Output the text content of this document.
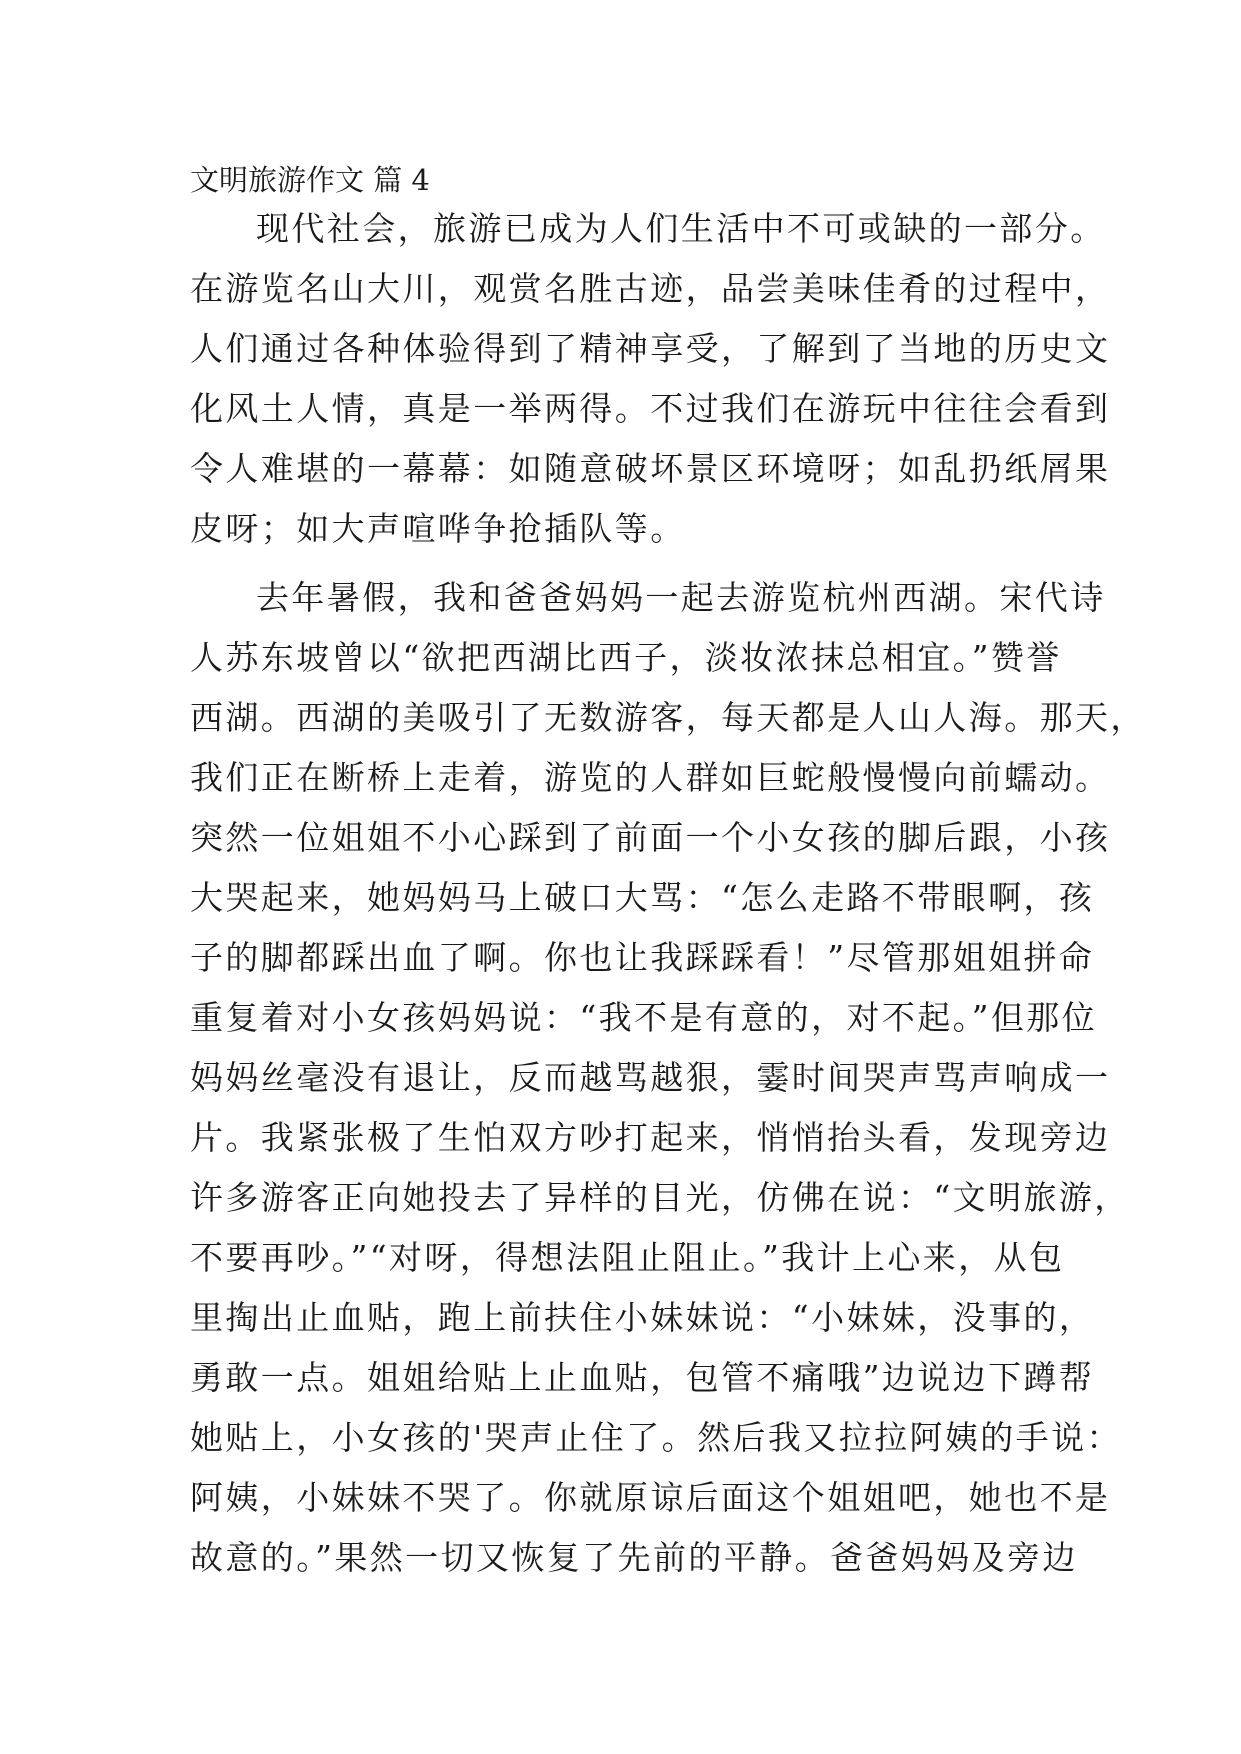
文明旅游作文 篇 4
现代社会，旅游已成为人们生活中不可或缺的一部分。
在游览名山大川，观赏名胜古迹，品尝美味佳肴的过程中，
人们通过各种体验得到了精神享受，了解到了当地的历史文
化风土人情，真是一举两得。不过我们在游玩中往往会看到
令人难堪的一幕幕：如随意破坏景区环境呀；如乱扔纸屑果
皮呀；如大声喧哗争抢插队等。
去年暑假，我和爸爸妈妈一起去游览杭州西湖。宋代诗
人苏东坡曾以“欲把西湖比西子，淡妆浓抹总相宜。”赞誉
西湖。西湖的美吸引了无数游客，每天都是人山人海。那天，
我们正在断桥上走着，游览的人群如巨蛇般慢慢向前蠕动。
突然一位姐姐不小心踩到了前面一个小女孩的脚后跟，小孩
大哭起来，她妈妈马上破口大骂：“怎么走路不带眼啊，孩
子的脚都踩出血了啊。你也让我踩踩看！”尽管那姐姐拼命
重复着对小女孩妈妈说：“我不是有意的，对不起。”但那位
妈妈丝毫没有退让，反而越骂越狠，霎时间哭声骂声响成一
片。我紧张极了生怕双方吵打起来，悄悄抬头看，发现旁边
许多游客正向她投去了异样的目光，仿佛在说：“文明旅游，
不要再吵。”“对呀，得想法阻止阻止。”我计上心来，从包
里掏出止血贴，跑上前扶住小妹妹说：“小妹妹，没事的，
勇敢一点。姐姐给贴上止血贴，包管不痛哦”边说边下蹲帮
她贴上，小女孩的'哭声止住了。然后我又拉拉阿姨的手说：
阿姨，小妹妹不哭了。你就原谅后面这个姐姐吧，她也不是
故意的。”果然一切又恢复了先前的平静。爸爸妈妈及旁边
